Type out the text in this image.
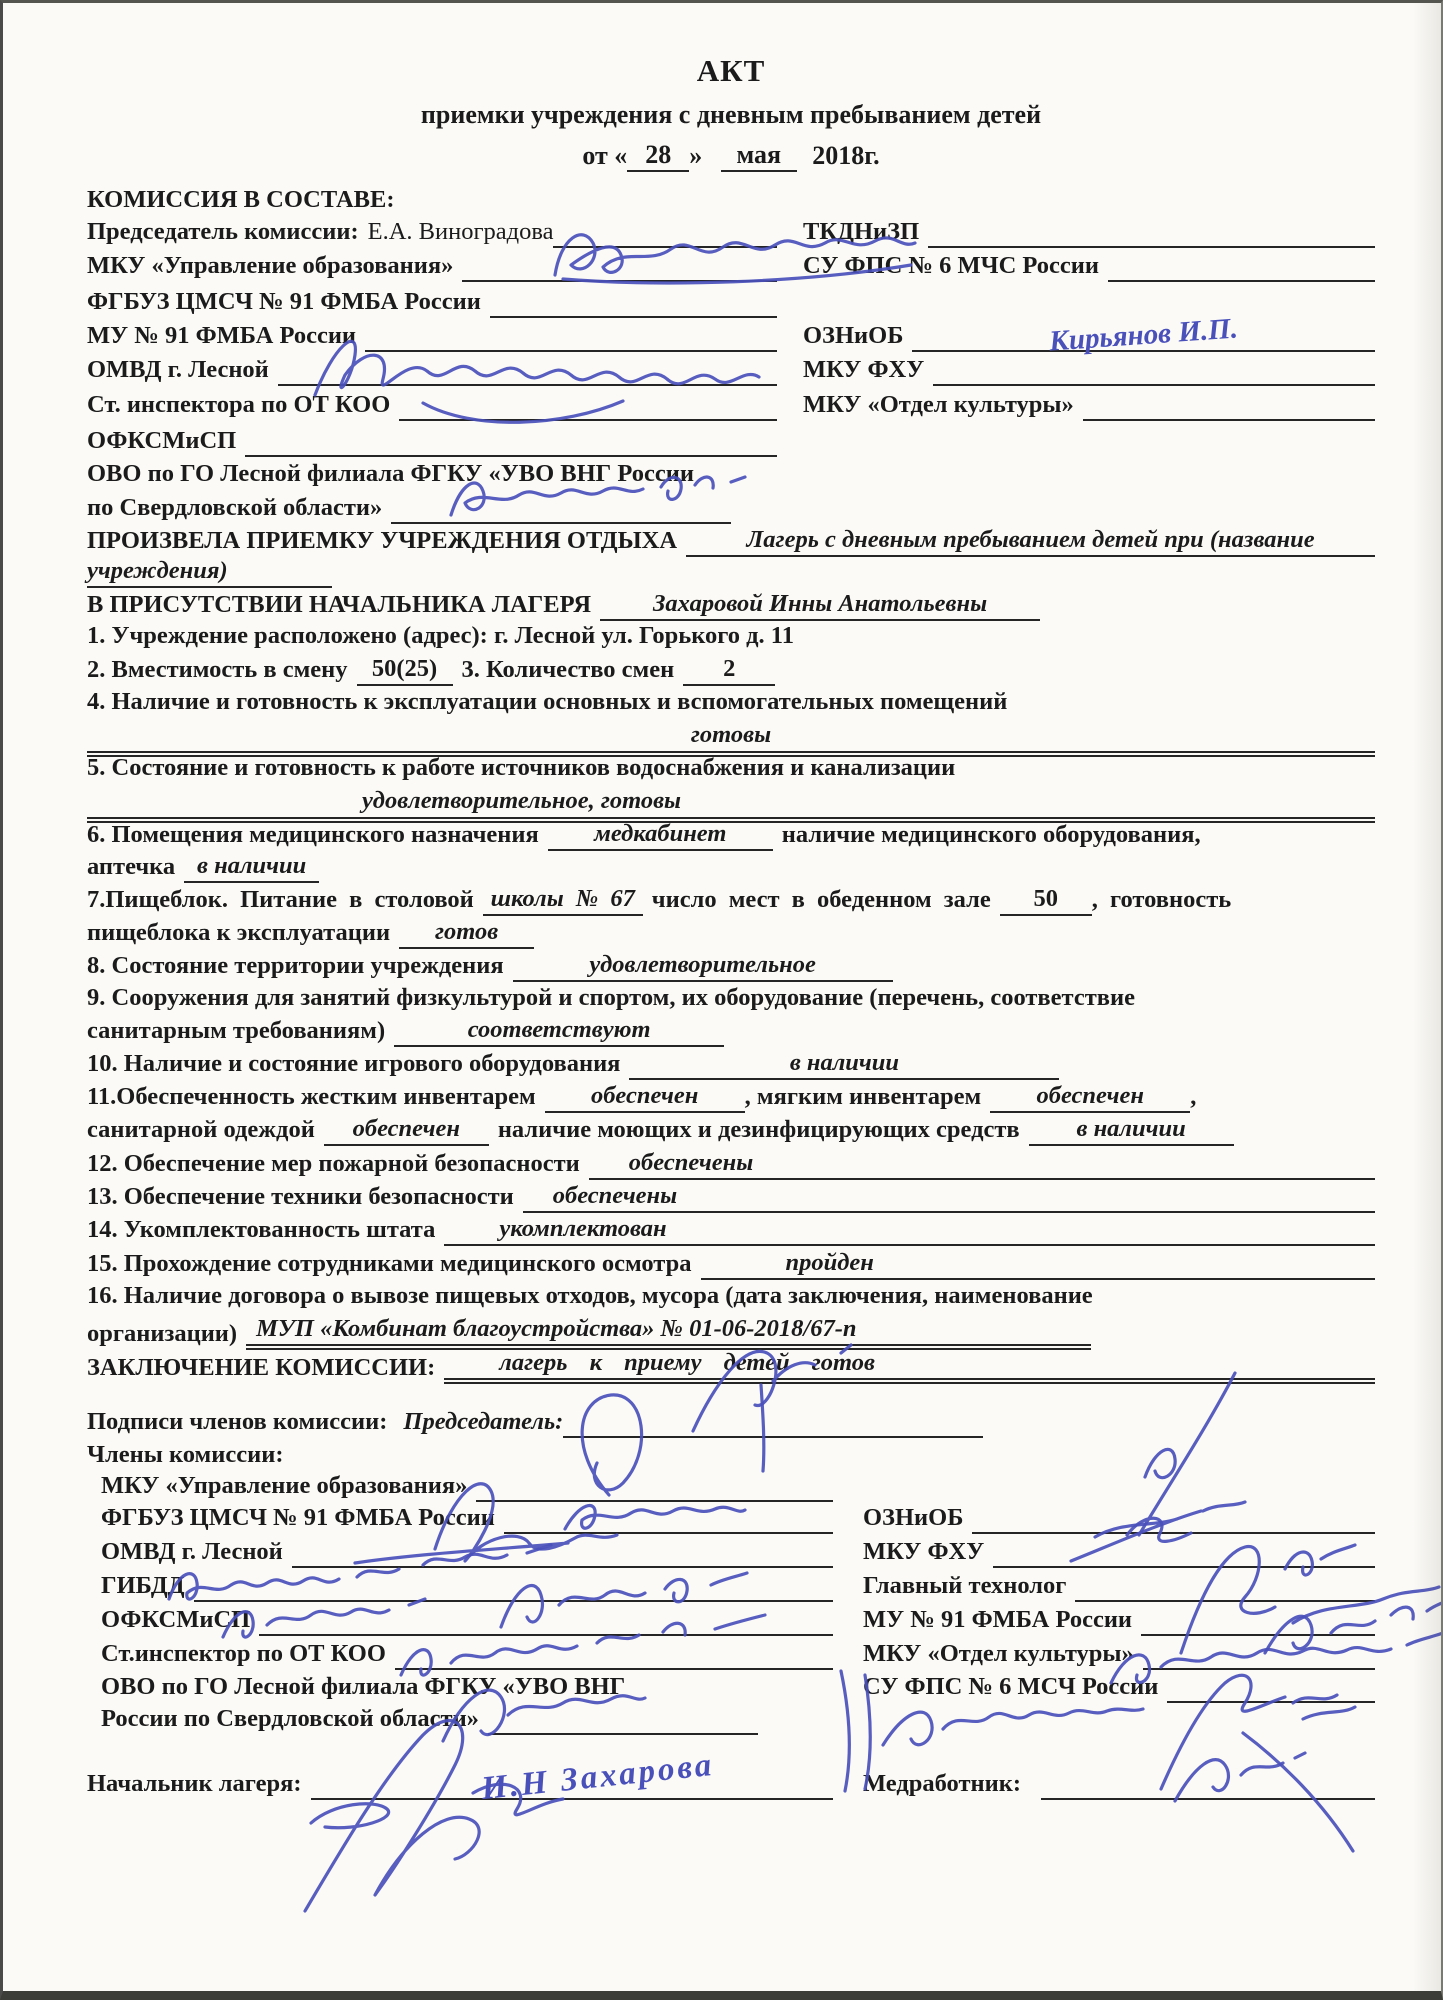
АКТ
приемки учреждения с дневным пребыванием детей
от « 28 » мая 2018г.
КОМИССИЯ В СОСТАВЕ:
Председатель комиссии: Е.А. Виноградова	ТКДНиЗП
МКУ «Управление образования»	СУ ФПС № 6 МЧС России
ФГБУЗ ЦМСЧ № 91 ФМБА России
МУ № 91 ФМБА России	ОЗНиОБ	Кирьянов И.П.
ОМВД г. Лесной	МКУ ФХУ
Ст. инспектора по ОТ КОО	МКУ «Отдел культуры»
ОФКСМиСП
ОВО по ГО Лесной филиала ФГКУ «УВО ВНГ России
по Свердловской области»
ПРОИЗВЕЛА ПРИЕМКУ УЧРЕЖДЕНИЯ ОТДЫХА	Лагерь с дневным пребыванием детей при (название
учреждения)
В ПРИСУТСТВИИ НАЧАЛЬНИКА ЛАГЕРЯ	Захаровой Инны Анатольевны
1. Учреждение расположено (адрес): г. Лесной ул. Горького д. 11
2. Вместимость в смену 50(25) 3. Количество смен	2
4. Наличие и готовность к эксплуатации основных и вспомогательных помещений
готовы
5. Состояние и готовность к работе источников водоснабжения и канализации
удовлетворительное, готовы
6. Помещения медицинского назначения	медкабинет	наличие медицинского оборудования,
аптечка в наличии
7.Пищеблок. Питание в столовой школы № 67 число мест в обеденном зале	50	, готовность
пищеблока к эксплуатации	готов
8. Состояние территории учреждения	удовлетворительное
9. Сооружения для занятий физкультурой и спортом, их оборудование (перечень, соответствие
санитарным требованиям)	соответствуют
10. Наличие и состояние игрового оборудования	в наличии
11.Обеспеченность жестким инвентарем	обеспечен	, мягким инвентарем	обеспечен	,
санитарной одеждой	обеспечен	наличие моющих и дезинфицирующих средств	в наличии
12. Обеспечение мер пожарной безопасности	обеспечены
13. Обеспечение техники безопасности	обеспечены
14. Укомплектованность штата	укомплектован
15. Прохождение сотрудниками медицинского осмотра	пройден
16. Наличие договора о вывозе пищевых отходов, мусора (дата заключения, наименование
организации) МУП «Комбинат благоустройства» № 01-06-2018/67-п
ЗАКЛЮЧЕНИЕ КОМИССИИ:	лагерь к приему детей готов
Подписи членов комиссии: Председатель:
Члены комиссии:
МКУ «Управление образования»
ФГБУЗ ЦМСЧ № 91 ФМБА России	ОЗНиОБ
ОМВД г. Лесной	МКУ ФХУ
ГИБДД	Главный технолог
ОФКСМиСП	МУ № 91 ФМБА России
Ст.инспектор по ОТ КОО	МКУ «Отдел культуры»
ОВО по ГО Лесной филиала ФГКУ «УВО ВНГ	СУ ФПС № 6 МСЧ России
России по Свердловской области»
Начальник лагеря:	Медработник:
И.Н Захарова
